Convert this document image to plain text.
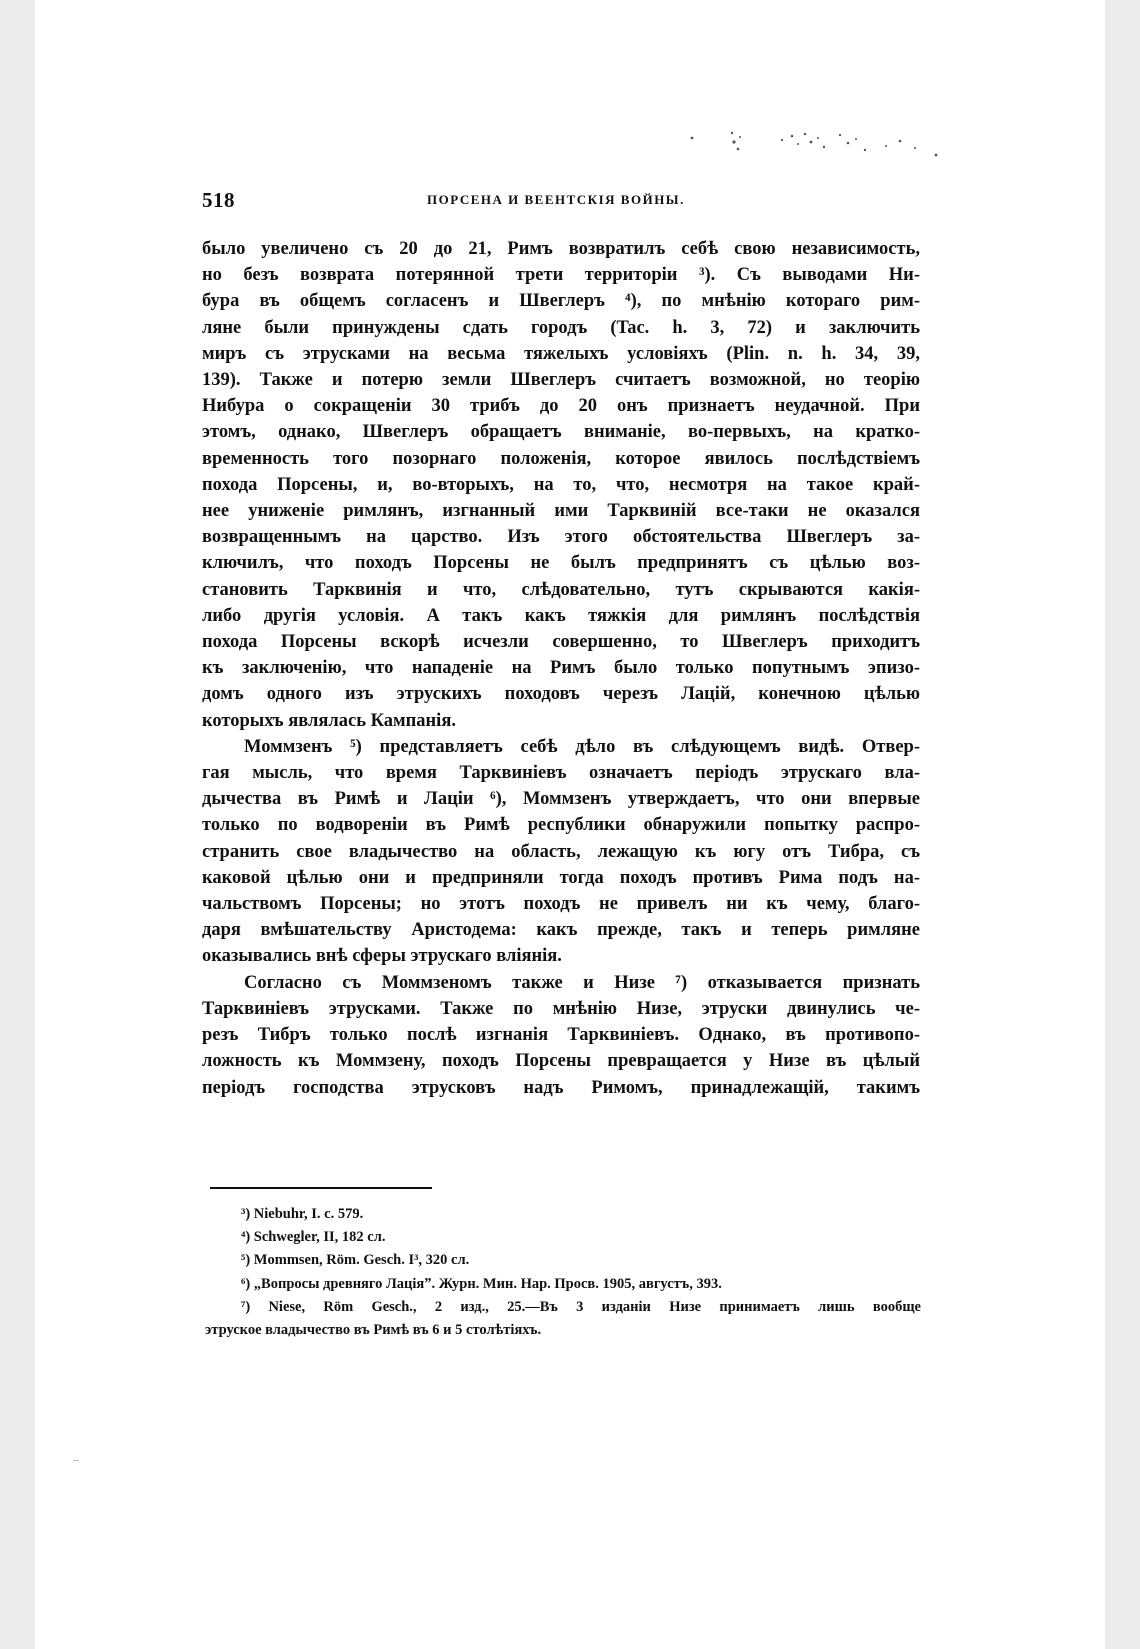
518	ПОРСЕНА И ВЕЕНТСКІЯ ВОЙНЫ.

было увеличено съ 20 до 21, Римъ возвратилъ себѣ свою независимость,
но безъ возврата потерянной трети территоріи ³). Съ выводами Ни-
бура въ общемъ согласенъ и Швеглеръ ⁴), по мнѣнію котораго рим-
ляне были принуждены сдать городъ (Tac. h. 3, 72) и заключить
миръ съ этрусками на весьма тяжелыхъ условіяхъ (Plin. n. h. 34, 39,
139). Также и потерю земли Швеглеръ считаетъ возможной, но теорію
Нибура о сокращеніи 30 трибъ до 20 онъ признаетъ неудачной. При
этомъ, однако, Швеглеръ обращаетъ вниманіе, во-первыхъ, на кратко-
временность того позорнаго положенія, которое явилось послѣдствіемъ
похода Порсены, и, во-вторыхъ, на то, что, несмотря на такое край-
нее униженіе римлянъ, изгнанный ими Тарквиній все-таки не оказался
возвращеннымъ на царство. Изъ этого обстоятельства Швеглеръ за-
ключилъ, что походъ Порсены не былъ предпринятъ съ цѣлью воз-
становить Тарквинія и что, слѣдовательно, тутъ скрываются какія-
либо другія условія. А такъ какъ тяжкія для римлянъ послѣдствія
похода Порсены вскорѣ исчезли совершенно, то Швеглеръ приходитъ
къ заключенію, что нападеніе на Римъ было только попутнымъ эпизо-
домъ одного изъ этрускихъ походовъ черезъ Лацій, конечною цѣлью
которыхъ являлась Кампанія.

Моммзенъ ⁵) представляетъ себѣ дѣло въ слѣдующемъ видѣ. Отвер-
гая мысль, что время Тарквиніевъ означаетъ періодъ этрускаго вла-
дычества въ Римѣ и Лаціи ⁶), Моммзенъ утверждаетъ, что они впервые
только по водвореніи въ Римѣ республики обнаружили попытку распро-
странить свое владычество на область, лежащую къ югу отъ Тибра, съ
каковой цѣлью они и предприняли тогда походъ противъ Рима подъ на-
чальствомъ Порсены; но этотъ походъ не привелъ ни къ чему, благо-
даря вмѣшательству Аристодема: какъ прежде, такъ и теперь римляне
оказывались внѣ сферы этрускаго вліянія.

Согласно съ Моммзеномъ также и Низе ⁷) отказывается признать
Тарквиніевъ этрусками. Также по мнѣнію Низе, этруски двинулись че-
резъ Тибръ только послѣ изгнанія Тарквиніевъ. Однако, въ противопо-
ложность къ Моммзену, походъ Порсены превращается у Низе въ цѣлый
періодъ господства этрусковъ надъ Римомъ, принадлежащій, такимъ

³) Niebuhr, I. с. 579.
⁴) Schwegler, II, 182 сл.
⁵) Mommsen, Röm. Gesch. I³, 320 сл.
⁶) „Вопросы древняго Лаціяˮ. Журн. Мин. Нар. Просв. 1905, августъ, 393.
⁷) Niese, Röm Gesch., 2 изд., 25.—Въ 3 изданіи Низе принимаетъ лишь вообще
этруское владычество въ Римѣ въ 6 и 5 столѣтіяхъ.
